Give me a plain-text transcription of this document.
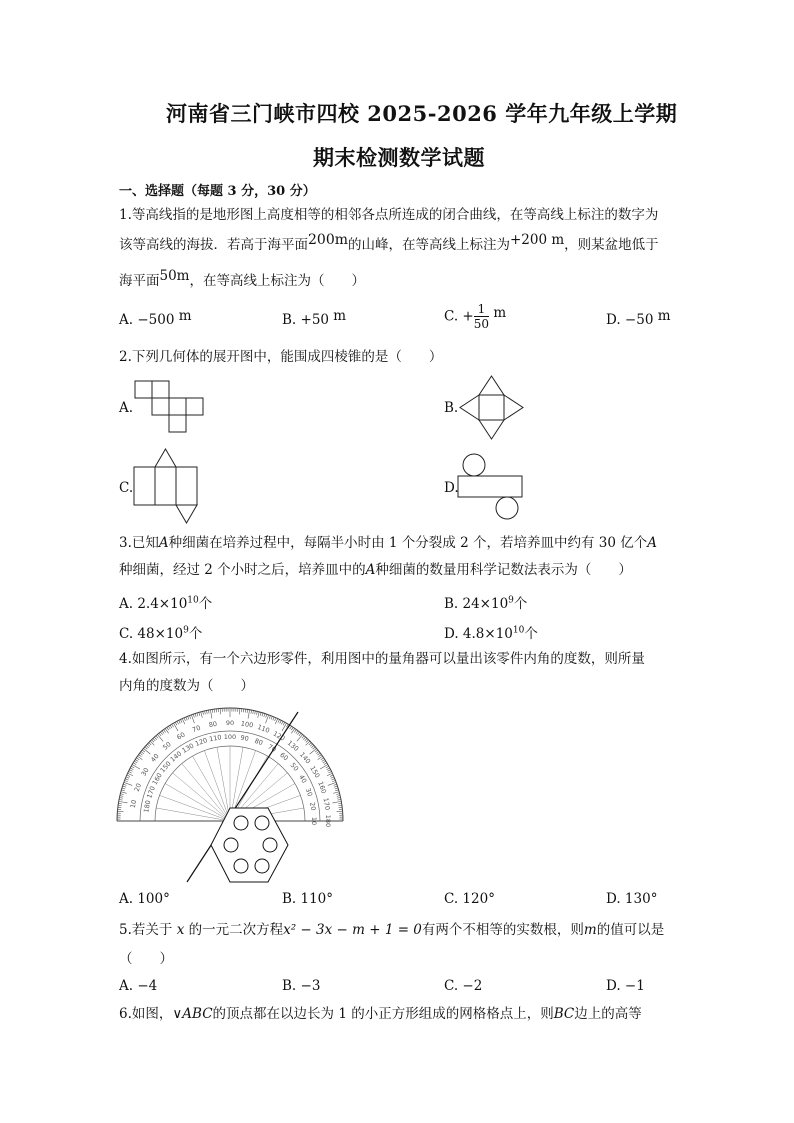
河南省三门峡市四校 2025-2026 学年九年级上学期
期末检测数学试题
一、选择题（每题 3 分，30 分）
1.等高线指的是地形图上高度相等的相邻各点所连成的闭合曲线，在等高线上标注的数字为
该等高线的海拔．若高于海平面200m的山峰，在等高线上标注为+200 m，则某盆地低于
海平面50m，在等高线上标注为（　　）
A. −500 m	B. +50 m	C. + $\frac{1}{50}$ m	D. −50 m
2.下列几何体的展开图中，能围成四棱锥的是（　　）
A.	B.
C.	D.
3.已知A种细菌在培养过程中，每隔半小时由 1 个分裂成 2 个，若培养皿中约有 30 亿个A
种细菌，经过 2 个小时之后，培养皿中的A种细菌的数量用科学记数法表示为（　　）
A. $2.4\times 10^{10}$个	B. $24\times 10^9$个
C. $48\times 10^9$个	D. $4.8\times 10^{10}$个
4.如图所示，有一个六边形零件，利用图中的量角器可以量出该零件内角的度数，则所量
内角的度数为（　　）
10
20
30
40
50
60
70 80 90 100 110
120
130
140
150
160
170
180
180
170
160
150
140
130
120 110 100 90 80
70
60
50
40
30
20
10
A. 100°	B. 110°	C. 120°	D. 130°
5.若关于 x 的一元二次方程x² − 3x − m + 1 = 0有两个不相等的实数根，则m的值可以是
（　　）
A. −4	B. −3	C. −2	D. −1
6.如图，∨ABC的顶点都在以边长为 1 的小正方形组成的网格格点上，则BC边上的高等
